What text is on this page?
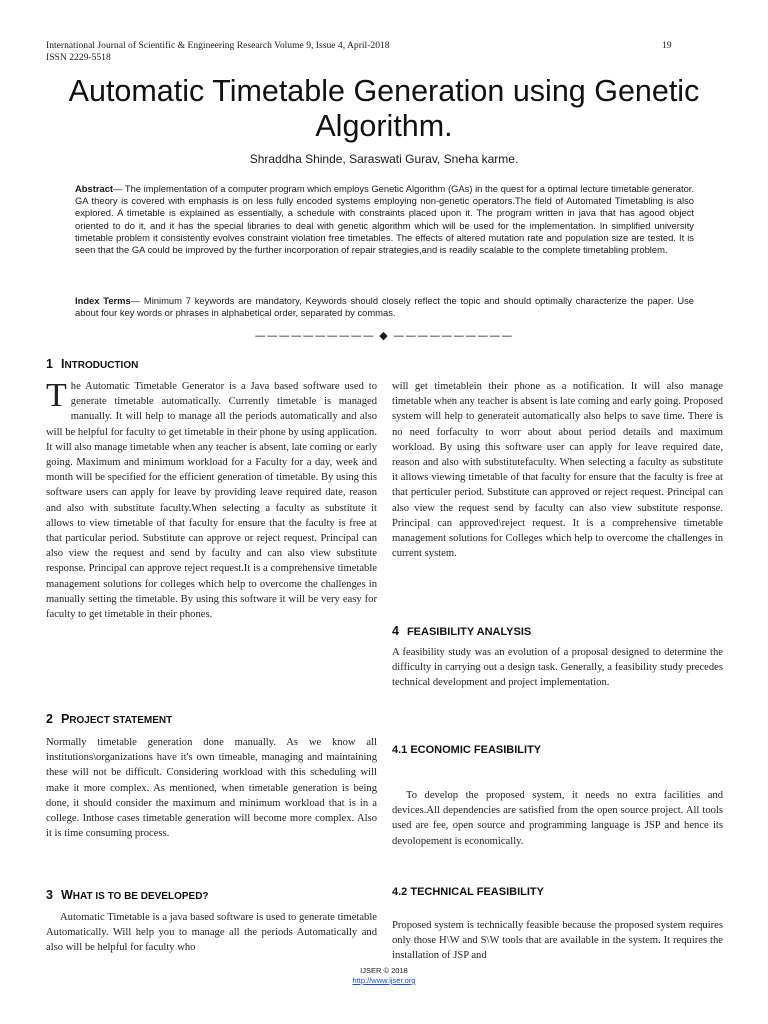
International Journal of Scientific & Engineering Research Volume 9, Issue 4, April-2018
ISSN 2229-5518
19
Automatic Timetable Generation using Genetic Algorithm.
Shraddha Shinde, Saraswati Gurav, Sneha karme.
Abstract— The implementation of a computer program which employs Genetic Algorithm (GAs) in the quest for a optimal lecture timetable generator. GA theory is covered with emphasis is on less fully encoded systems employing non-genetic operators.The field of Automated Timetabling is also explored. A timetable is explained as essentially, a schedule with constraints placed upon it. The program written in java that has agood object oriented to do it, and it has the special libraries to deal with genetic algorithm which will be used for the implementation. In simplified university timetable problem it consistently evolves constraint violation free timetables. The effects of altered mutation rate and population size are tested. It is seen that the GA could be improved by the further incorporation of repair strategies,and is readily scalable to the complete timetabling problem.
Index Terms— Minimum 7 keywords are mandatory, Keywords should closely reflect the topic and should optimally characterize the paper. Use about four key words or phrases in alphabetical order, separated by commas.
—————————— ◆ ——————————
1 INTRODUCTION
The Automatic Timetable Generator is a Java based software used to generate timetable automatically. Currently timetable is managed manually. It will help to manage all the periods automatically and also will be helpful for faculty to get timetable in their phone by using application. It will also manage timetable when any teacher is absent, late coming or early going. Maximum and minimum workload for a Faculty for a day, week and month will be specified for the efficient generation of timetable. By using this software users can apply for leave by providing leave required date, reason and also with substitute faculty.When selecting a faculty as substitute it allows to view timetable of that faculty for ensure that the faculty is free at that particular period. Substitute can approve or reject request. Principal can also view the request and send by faculty and can also view substitute response. Principal can approve reject request.It is a comprehensive timetable management solutions for colleges which help to overcome the challenges in manually setting the timetable. By using this software it will be very easy for faculty to get timetable in their phones.
2 PROJECT STATEMENT
Normally timetable generation done manually. As we know all institutions\organizations have it's own timeable, managing and maintaining these will not be difficult. Considering workload with this scheduling will make it more complex. As mentioned, when timetable generation is being done, it should consider the maximum and minimum workload that is in a college. Inthose cases timetable generation will become more complex. Also it is time consuming process.
3 WHAT IS TO BE DEVELOPED?
Automatic Timetable is a java based software is used to generate timetable Automatically. Will help you to manage all the periods Automatically and also will be helpful for faculty who
will get timetablein their phone as a notification. It will also manage timetable when any teacher is absent is late coming and early going. Proposed system will help to generateit automatically also helps to save time. There is no need forfaculty to worr about about period details and maximum workload. By using this software user can apply for leave required date, reason and also with substitutefaculty. When selecting a faculty as substitute it allows viewing timetable of that faculty for ensure that the faculty is free at that perticuler period. Substitute can approved or reject request. Principal can also view the request send by faculty can also view substitute response. Principal can approved\reject request. It is a comprehensive timetable management solutions for Colleges which help to overcome the challenges in current system.
4 FEASIBILITY ANALYSIS
A feasibility study was an evolution of a proposal designed to determine the difficulty in carrying out a design task. Generally, a feasibility study precedes technical development and project implementation.
4.1 ECONOMIC FEASIBILITY
To develop the proposed system, it needs no extra facilities and devices.All dependencies are satisfied from the open source project. All tools used are fee, open source and programming language is JSP and hence its devolopement is economically.
4.2 TECHNICAL FEASIBILITY
Proposed system is technically feasible because the proposed system requires only those H\W and S\W tools that are available in the system. It requires the installation of JSP and
IJSER © 2018
http://www.ijser.org
